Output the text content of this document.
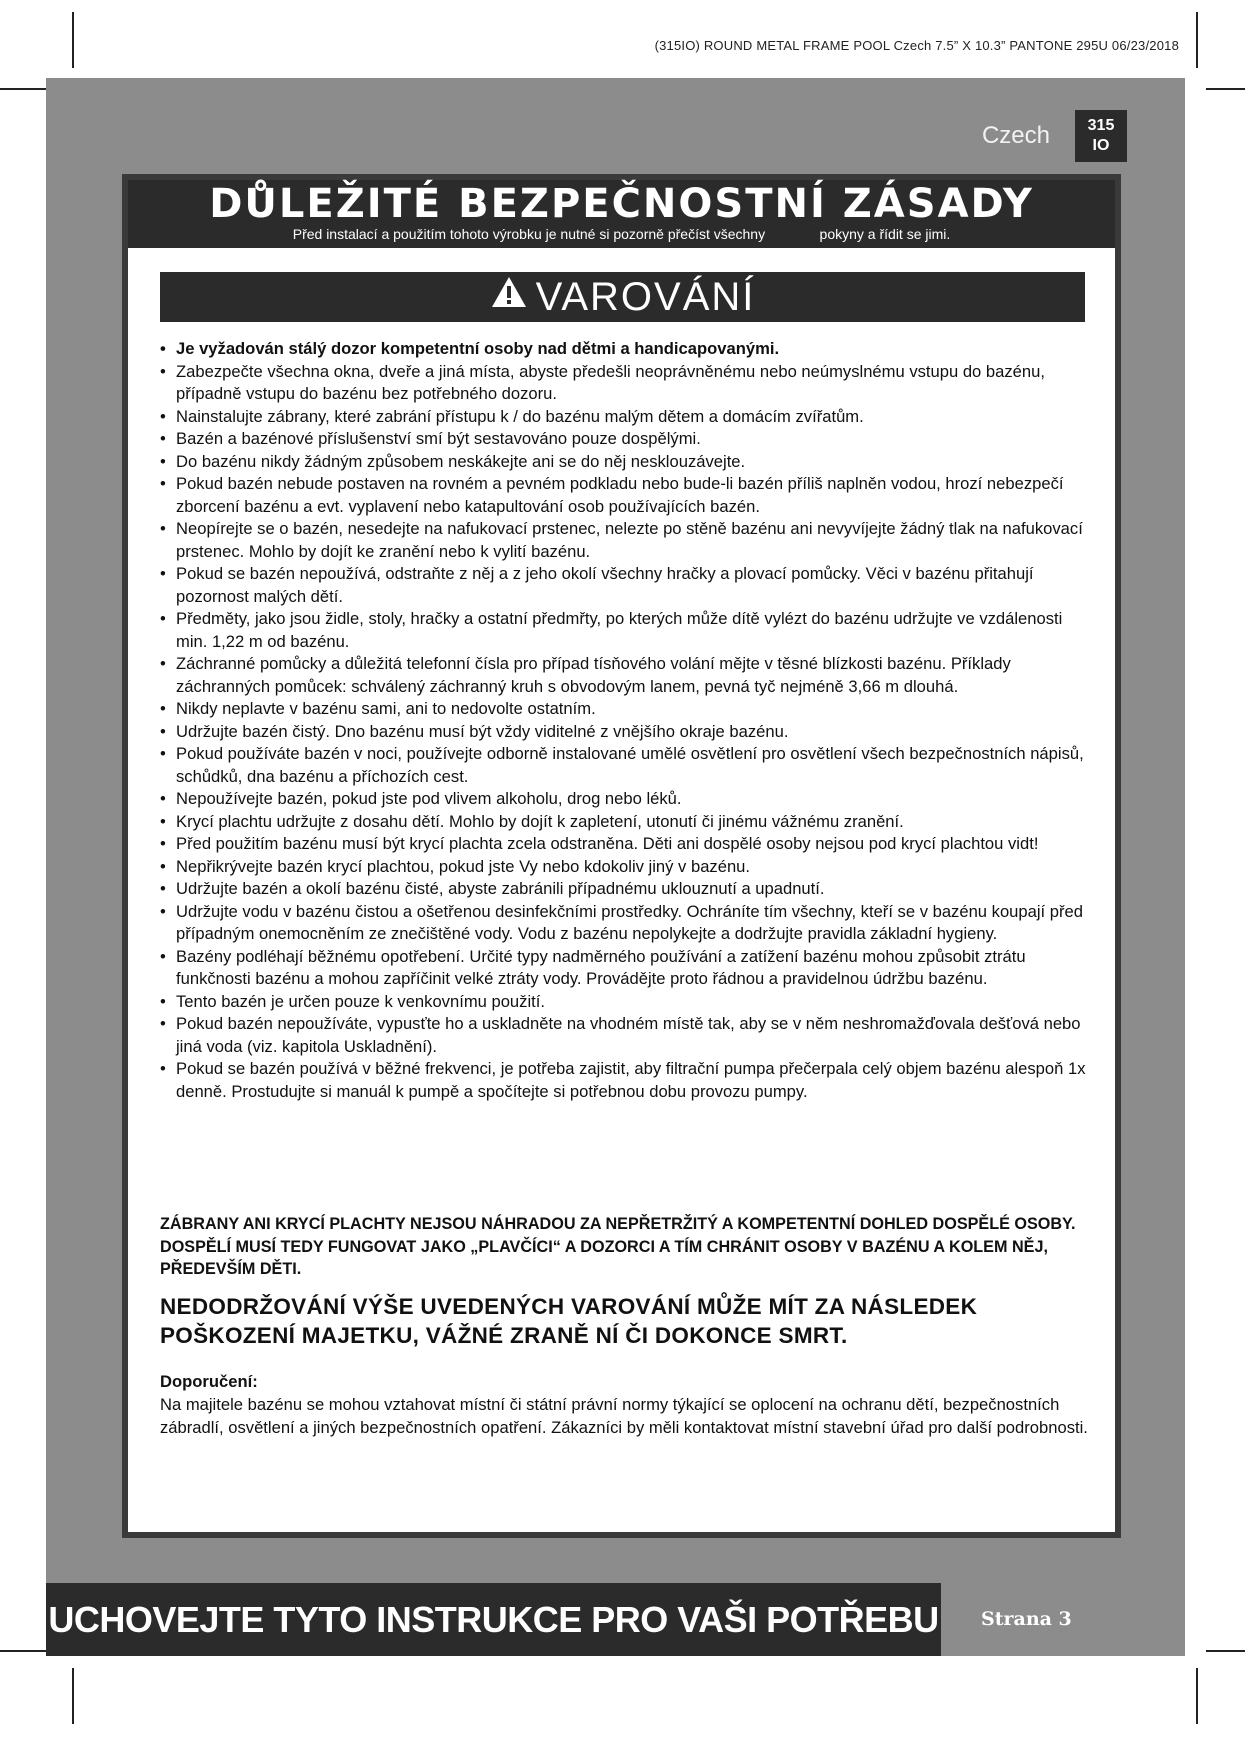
(315IO) ROUND METAL FRAME POOL Czech 7.5” X 10.3” PANTONE 295U 06/23/2018
Czech	315
IO
DŮLEŽITÉ BEZPEČNOSTNÍ ZÁSADY
Před instalací a použitím tohoto výrobku je nutné si pozorně přečíst všechny              pokyny a řídit se jimi.
VAROVÁNÍ
• Je vyžadován stálý dozor kompetentní osoby nad dětmi a handicapovanými.
• Zabezpečte všechna okna, dveře a jiná místa, abyste předešli neoprávněnému nebo neúmyslnému vstupu do bazénu, případně vstupu do bazénu bez potřebného dozoru.
• Nainstalujte zábrany, které zabrání přístupu k / do bazénu malým dětem a domácím zvířatům.
• Bazén a bazénové příslušenství smí být sestavováno pouze dospělými.
• Do bazénu nikdy žádným způsobem neskákejte ani se do něj nesklouzávejte.
• Pokud bazén nebude postaven na rovném a pevném podkladu nebo bude-li bazén příliš naplněn vodou, hrozí nebezpečí zborcení bazénu a evt. vyplavení nebo katapultování osob používajících bazén.
• Neopírejte se o bazén, nesedejte na nafukovací prstenec, nelezte po stěně bazénu ani nevyvíjejte žádný tlak na nafukovací prstenec. Mohlo by dojít ke zranění nebo k vylití bazénu.
• Pokud se bazén nepoužívá, odstraňte z něj a z jeho okolí všechny hračky a plovací pomůcky. Věci v bazénu přitahují pozornost malých dětí.
• Předměty, jako jsou židle, stoly, hračky a ostatní předmřty, po kterých může dítě vylézt do bazénu udržujte ve vzdálenosti min. 1,22 m od bazénu.
• Záchranné pomůcky a důležitá telefonní čísla pro případ tísňového volání mějte v těsné blízkosti bazénu. Příklady záchranných pomůcek: schválený záchranný kruh s obvodovým lanem, pevná tyč nejméně 3,66 m dlouhá.
• Nikdy neplavte v bazénu sami, ani to nedovolte ostatním.
• Udržujte bazén čistý. Dno bazénu musí být vždy viditelné z vnějšího okraje bazénu.
• Pokud používáte bazén v noci, používejte odborně instalované umělé osvětlení pro osvětlení všech bezpečnostních nápisů, schůdků, dna bazénu a příchozích cest.
• Nepoužívejte bazén, pokud jste pod vlivem alkoholu, drog nebo léků.
• Krycí plachtu udržujte z dosahu dětí. Mohlo by dojít k zapletení, utonutí či jinému vážnému zranění.
• Před použitím bazénu musí být krycí plachta zcela odstraněna. Děti ani dospělé osoby nejsou pod krycí plachtou vidt!
• Nepřikrývejte bazén krycí plachtou, pokud jste Vy nebo kdokoliv jiný v bazénu.
• Udržujte bazén a okolí bazénu čisté, abyste zabránili případnému uklouznutí a upadnutí.
• Udržujte vodu v bazénu čistou a ošetřenou desinfekčními prostředky. Ochráníte tím všechny, kteří se v bazénu koupají před případným onemocněním ze znečištěné vody. Vodu z bazénu nepolykejte a dodržujte pravidla základní hygieny.
• Bazény podléhají běžnému opotřebení. Určité typy nadměrného používání a zatížení bazénu mohou způsobit ztrátu funkčnosti bazénu a mohou zapříčinit velké ztráty vody. Provádějte proto řádnou a pravidelnou údržbu bazénu.
• Tento bazén je určen pouze k venkovnímu použití.
• Pokud bazén nepoužíváte, vypusťte ho a uskladněte na vhodném místě tak, aby se v něm neshromažďovala dešťová nebo jiná voda (viz. kapitola Uskladnění).
• Pokud se bazén používá v běžné frekvenci, je potřeba zajistit, aby filtrační pumpa přečerpala celý objem bazénu alespoň 1x denně. Prostudujte si manuál k pumpě a spočítejte si potřebnou dobu provozu pumpy.
ZÁBRANY ANI KRYCÍ PLACHTY NEJSOU NÁHRADOU ZA NEPŘETRŽITÝ A KOMPETENTNÍ DOHLED DOSPĚLÉ OSOBY. DOSPĚLÍ MUSÍ TEDY FUNGOVAT JAKO „PLAVČÍCI“ A DOZORCI A TÍM CHRÁNIT OSOBY V BAZÉNU A KOLEM NĚJ, PŘEDEVŠÍM DĚTI.
NEDODRŽOVÁNÍ VÝŠE UVEDENÝCH VAROVÁNÍ MŮŽE MÍT ZA NÁSLEDEK POŠKOZENÍ MAJETKU, VÁŽNÉ ZRANĚ NÍ ČI DOKONCE SMRT.
Doporučení:
Na majitele bazénu se mohou vztahovat místní či státní právní normy týkající se oplocení na ochranu dětí, bezpečnostních zábradlí, osvětlení a jiných bezpečnostních opatření. Zákazníci by měli kontaktovat místní stavební úřad pro další podrobnosti.
UCHOVEJTE TYTO INSTRUKCE PRO VAŠI POTŘEBU	Strana 3
